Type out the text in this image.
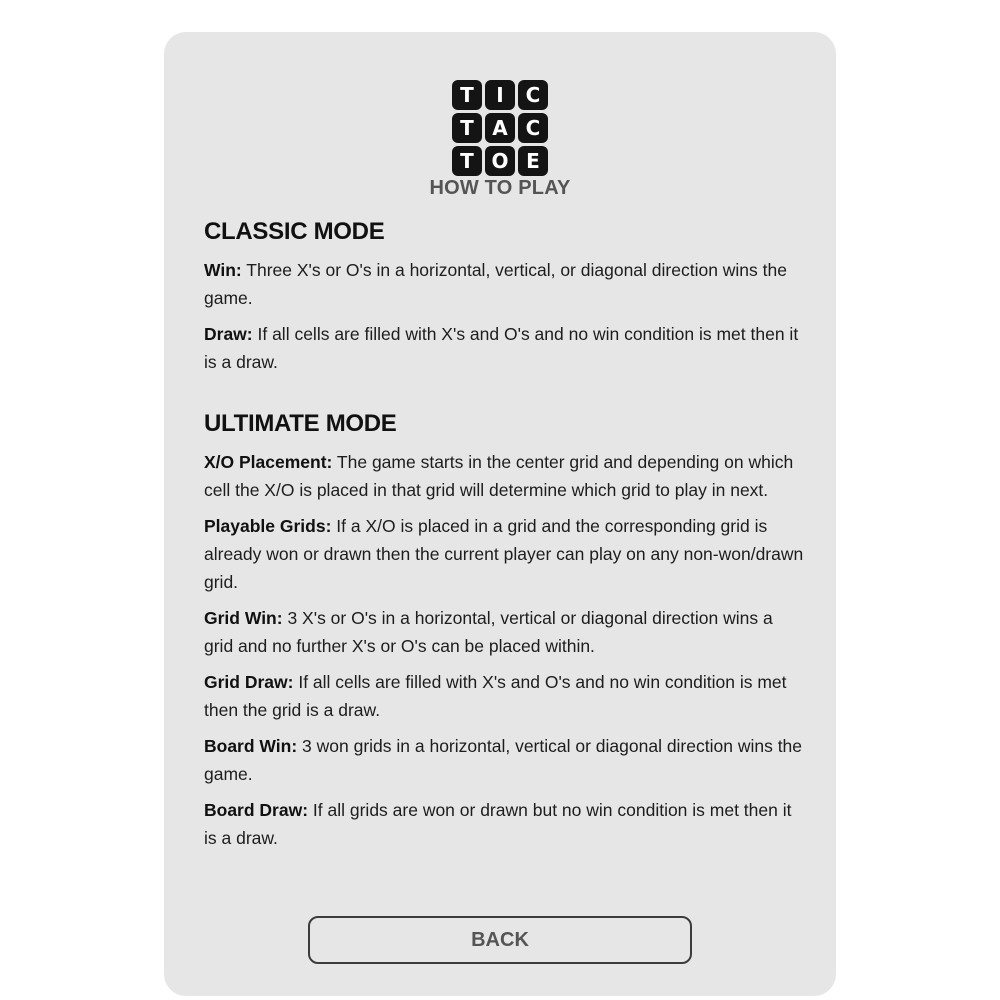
T	I	C
T A C
T O E
HOW TO PLAY
CLASSIC MODE

Win: Three X's or O's in a horizontal, vertical, or diagonal direction wins the game.

Draw: If all cells are filled with X's and O's and no win condition is met then it is a draw.

ULTIMATE MODE

X/O Placement: The game starts in the center grid and depending on which cell the X/O is placed in that grid will determine which grid to play in next.

Playable Grids: If a X/O is placed in a grid and the corresponding grid is already won or drawn then the current player can play on any non-won/drawn grid.

Grid Win: 3 X's or O's in a horizontal, vertical or diagonal direction wins a grid and no further X's or O's can be placed within.

Grid Draw: If all cells are filled with X's and O's and no win condition is met then the grid is a draw.

Board Win: 3 won grids in a horizontal, vertical or diagonal direction wins the game.

Board Draw: If all grids are won or drawn but no win condition is met then it is a draw.

BACK
